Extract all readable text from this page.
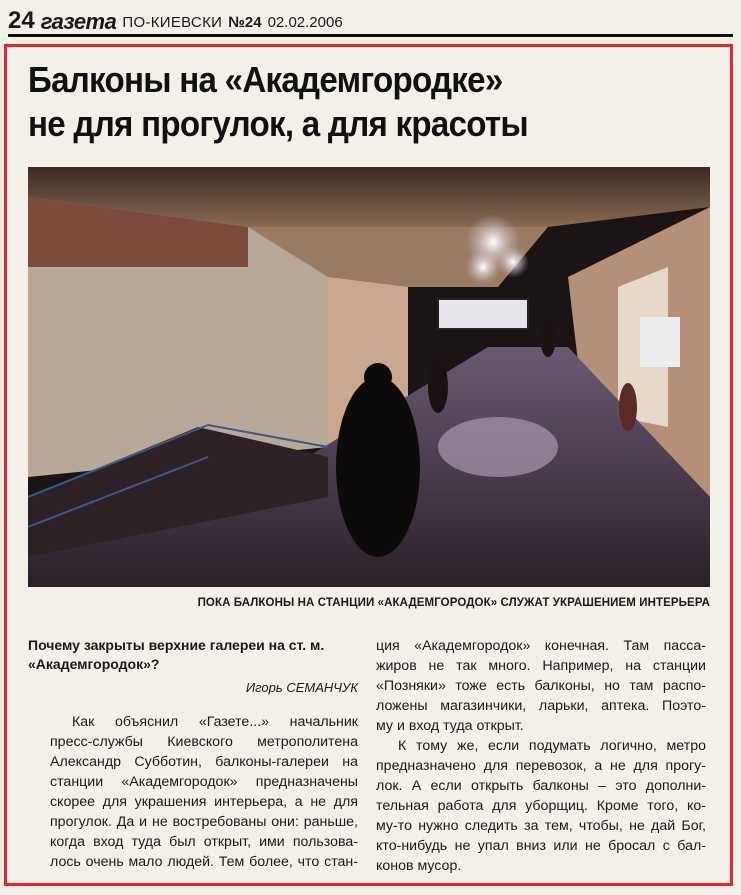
24 газета ПО-КИЕВСКИ №24 02.02.2006
Балконы на «Академгородке»
не для прогулок, а для красоты
ПОКА БАЛКОНЫ НА СТАНЦИИ «АКАДЕМГОРОДОК» СЛУЖАТ УКРАШЕНИЕМ ИНТЕРЬЕРА
Почему закрыты верхние галереи на ст. м.
«Академгородок»?
Игорь СЕМАНЧУК
Как объяснил «Газете...» начальник
пресс-службы Киевского метрополитена
Александр Субботин, балконы-галереи на
станции «Академгородок» предназначены
скорее для украшения интерьера, а не для
прогулок. Да и не востребованы они: раньше,
когда вход туда был открыт, ими пользова-
лось очень мало людей. Тем более, что стан-
ция «Академгородок» конечная. Там пасса-
жиров не так много. Например, на станции
«Позняки» тоже есть балконы, но там распо-
ложены магазинчики, ларьки, аптека. Поэто-
му и вход туда открыт.
К тому же, если подумать логично, метро
предназначено для перевозок, а не для прогу-
лок. А если открыть балконы – это дополни-
тельная работа для уборщиц. Кроме того, ко-
му-то нужно следить за тем, чтобы, не дай Бог,
кто-нибудь не упал вниз или не бросал с бал-
конов мусор.
